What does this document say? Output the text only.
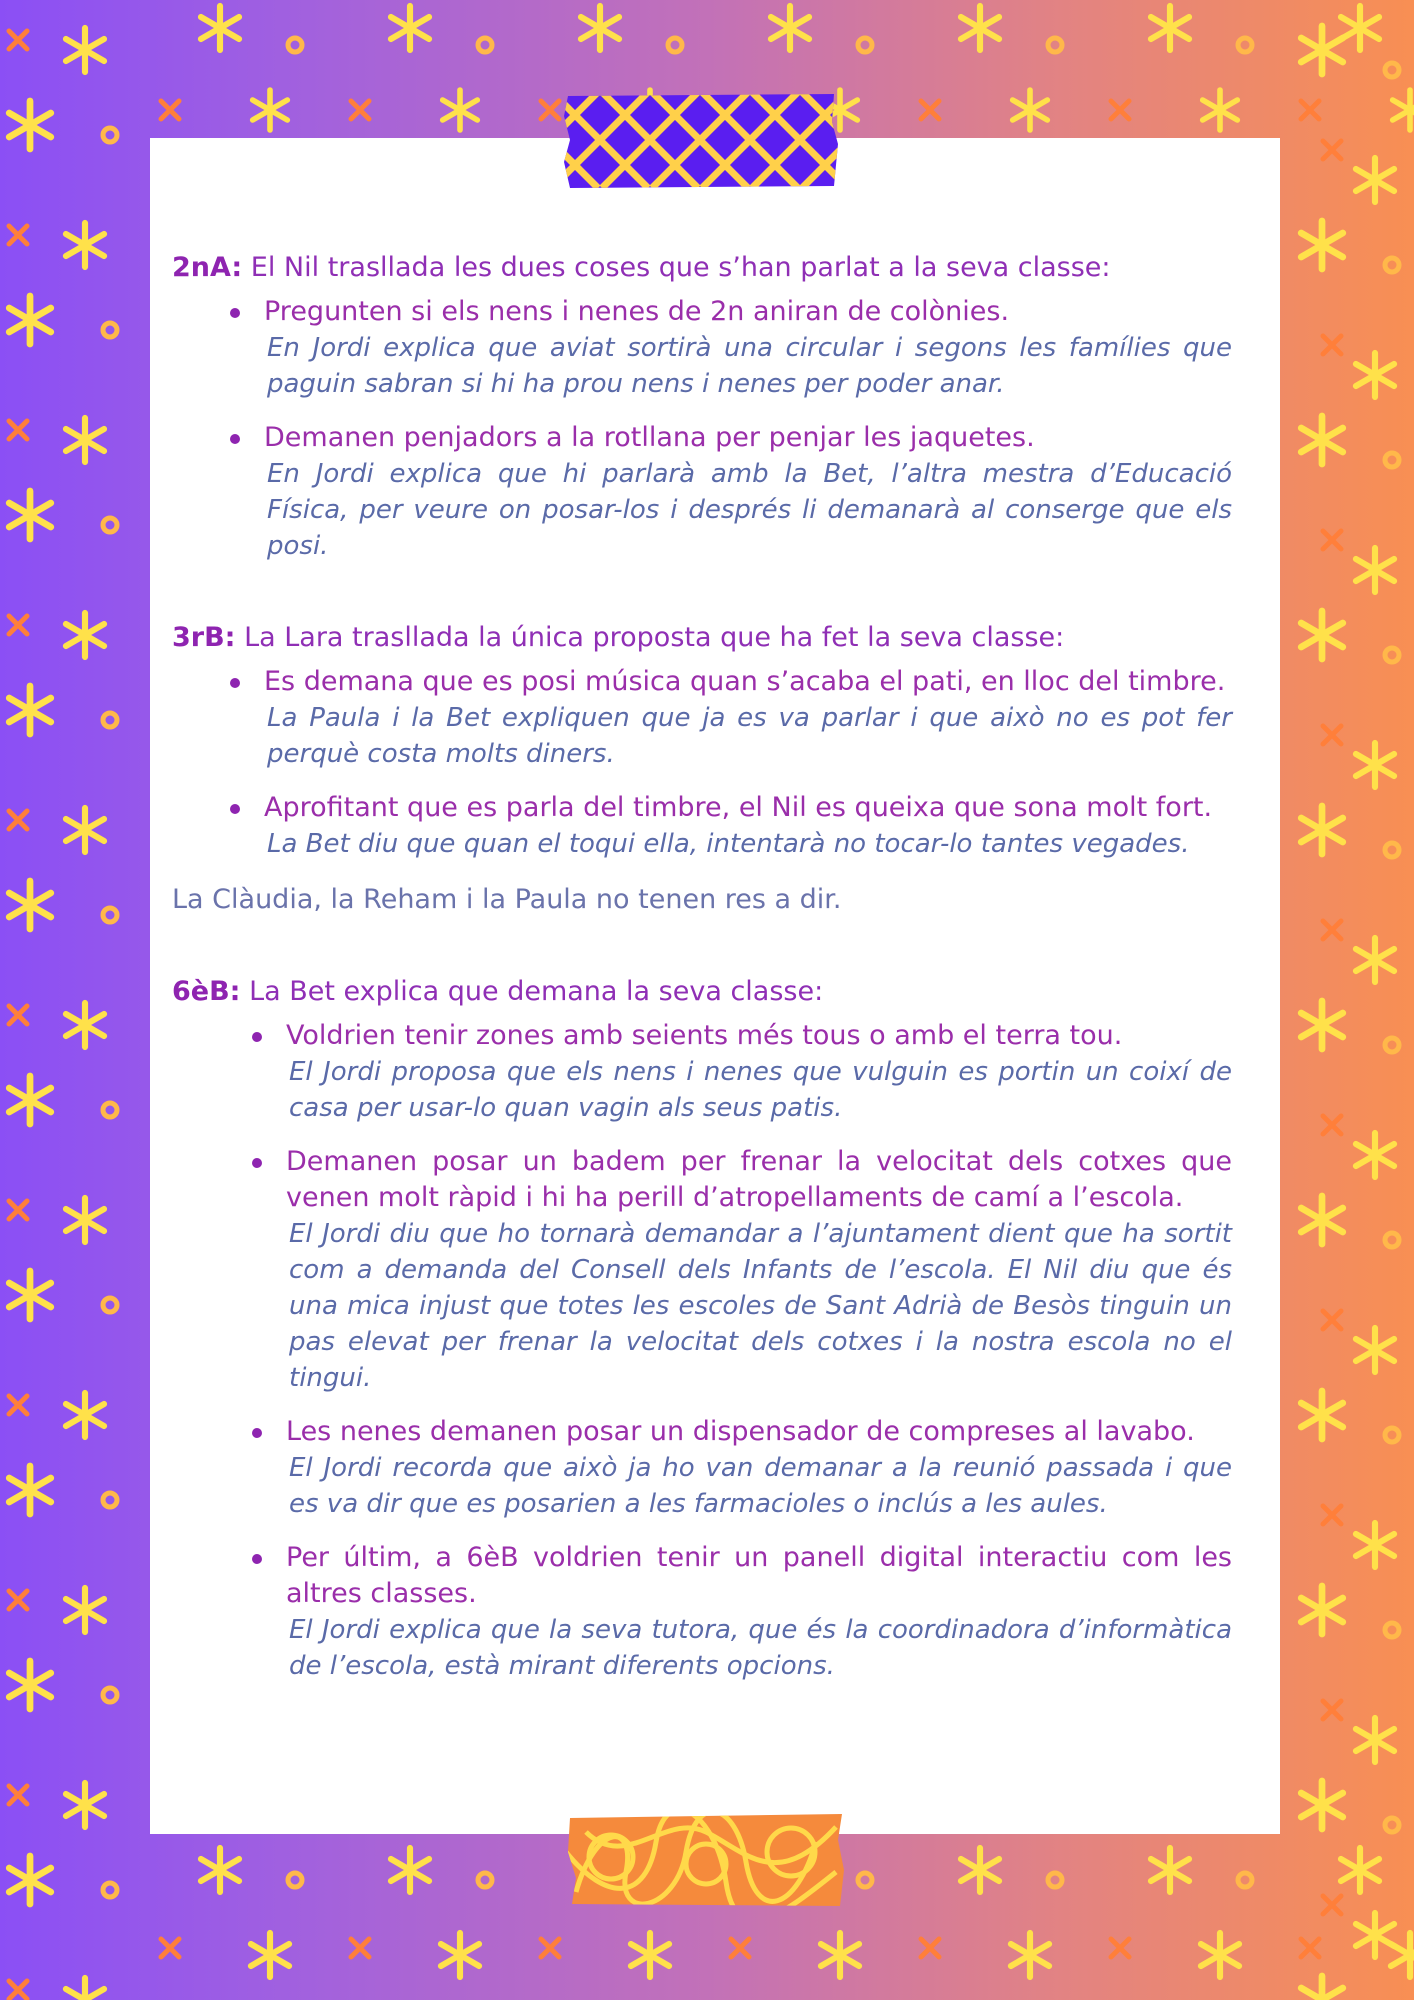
2nA: El Nil trasllada les dues coses que s’han parlat a la seva classe:

Pregunten si els nens i nenes de 2n aniran de colònies.
En Jordi explica que aviat sortirà una circular i segons les famílies que paguin sabran si hi ha prou nens i nenes per poder anar.
Demanen penjadors a la rotllana per penjar les jaquetes.
En Jordi explica que hi parlarà amb la Bet, l’altra mestra d’Educació Física, per veure on posar-los i després li demanarà al conserge que els posi.

3rB: La Lara trasllada la única proposta que ha fet la seva classe:

Es demana que es posi música quan s’acaba el pati, en lloc del timbre.
La Paula i la Bet expliquen que ja es va parlar i que això no es pot fer perquè costa molts diners.
Aprofitant que es parla del timbre, el Nil es queixa que sona molt fort.
La Bet diu que quan el toqui ella, intentarà no tocar-lo tantes vegades.

La Clàudia, la Reham i la Paula no tenen res a dir.

6èB: La Bet explica que demana la seva classe:

Voldrien tenir zones amb seients més tous o amb el terra tou.
El Jordi proposa que els nens i nenes que vulguin es portin un coixí de casa per usar-lo quan vagin als seus patis.
Demanen posar un badem per frenar la velocitat dels cotxes que venen molt ràpid i hi ha perill d’atropellaments de camí a l’escola.
El Jordi diu que ho tornarà demandar a l’ajuntament dient que ha sortit com a demanda del Consell dels Infants de l’escola. El Nil diu que és una mica injust que totes les escoles de Sant Adrià de Besòs tinguin un pas elevat per frenar la velocitat dels cotxes i la nostra escola no el tingui.
Les nenes demanen posar un dispensador de compreses al lavabo.
El Jordi recorda que això ja ho van demanar a la reunió passada i que es va dir que es posarien a les farmacioles o inclús a les aules.
Per últim, a 6èB voldrien tenir un panell digital interactiu com les altres classes.
El Jordi explica que la seva tutora, que és la coordinadora d’informàtica de l’escola, està mirant diferents opcions.
